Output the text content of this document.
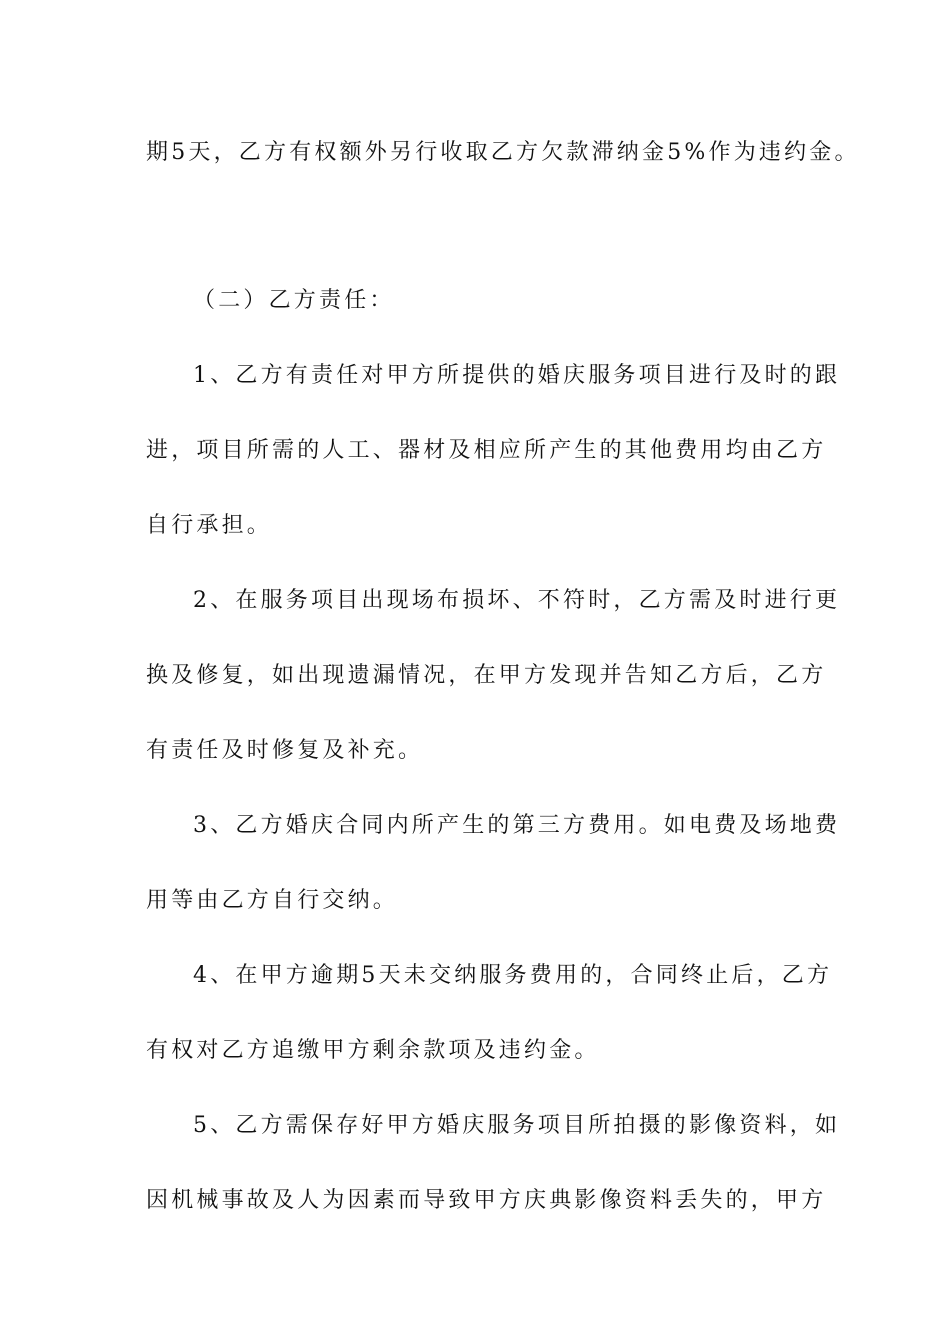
期5天，乙方有权额外另行收取乙方欠款滞纳金5%作为违约金。
（二）乙方责任：
1、乙方有责任对甲方所提供的婚庆服务项目进行及时的跟
进，项目所需的人工、器材及相应所产生的其他费用均由乙方
自行承担。
2、在服务项目出现场布损坏、不符时，乙方需及时进行更
换及修复，如出现遗漏情况，在甲方发现并告知乙方后，乙方
有责任及时修复及补充。
3、乙方婚庆合同内所产生的第三方费用。如电费及场地费
用等由乙方自行交纳。
4、在甲方逾期5天未交纳服务费用的，合同终止后，乙方
有权对乙方追缴甲方剩余款项及违约金。
5、乙方需保存好甲方婚庆服务项目所拍摄的影像资料，如
因机械事故及人为因素而导致甲方庆典影像资料丢失的，甲方
